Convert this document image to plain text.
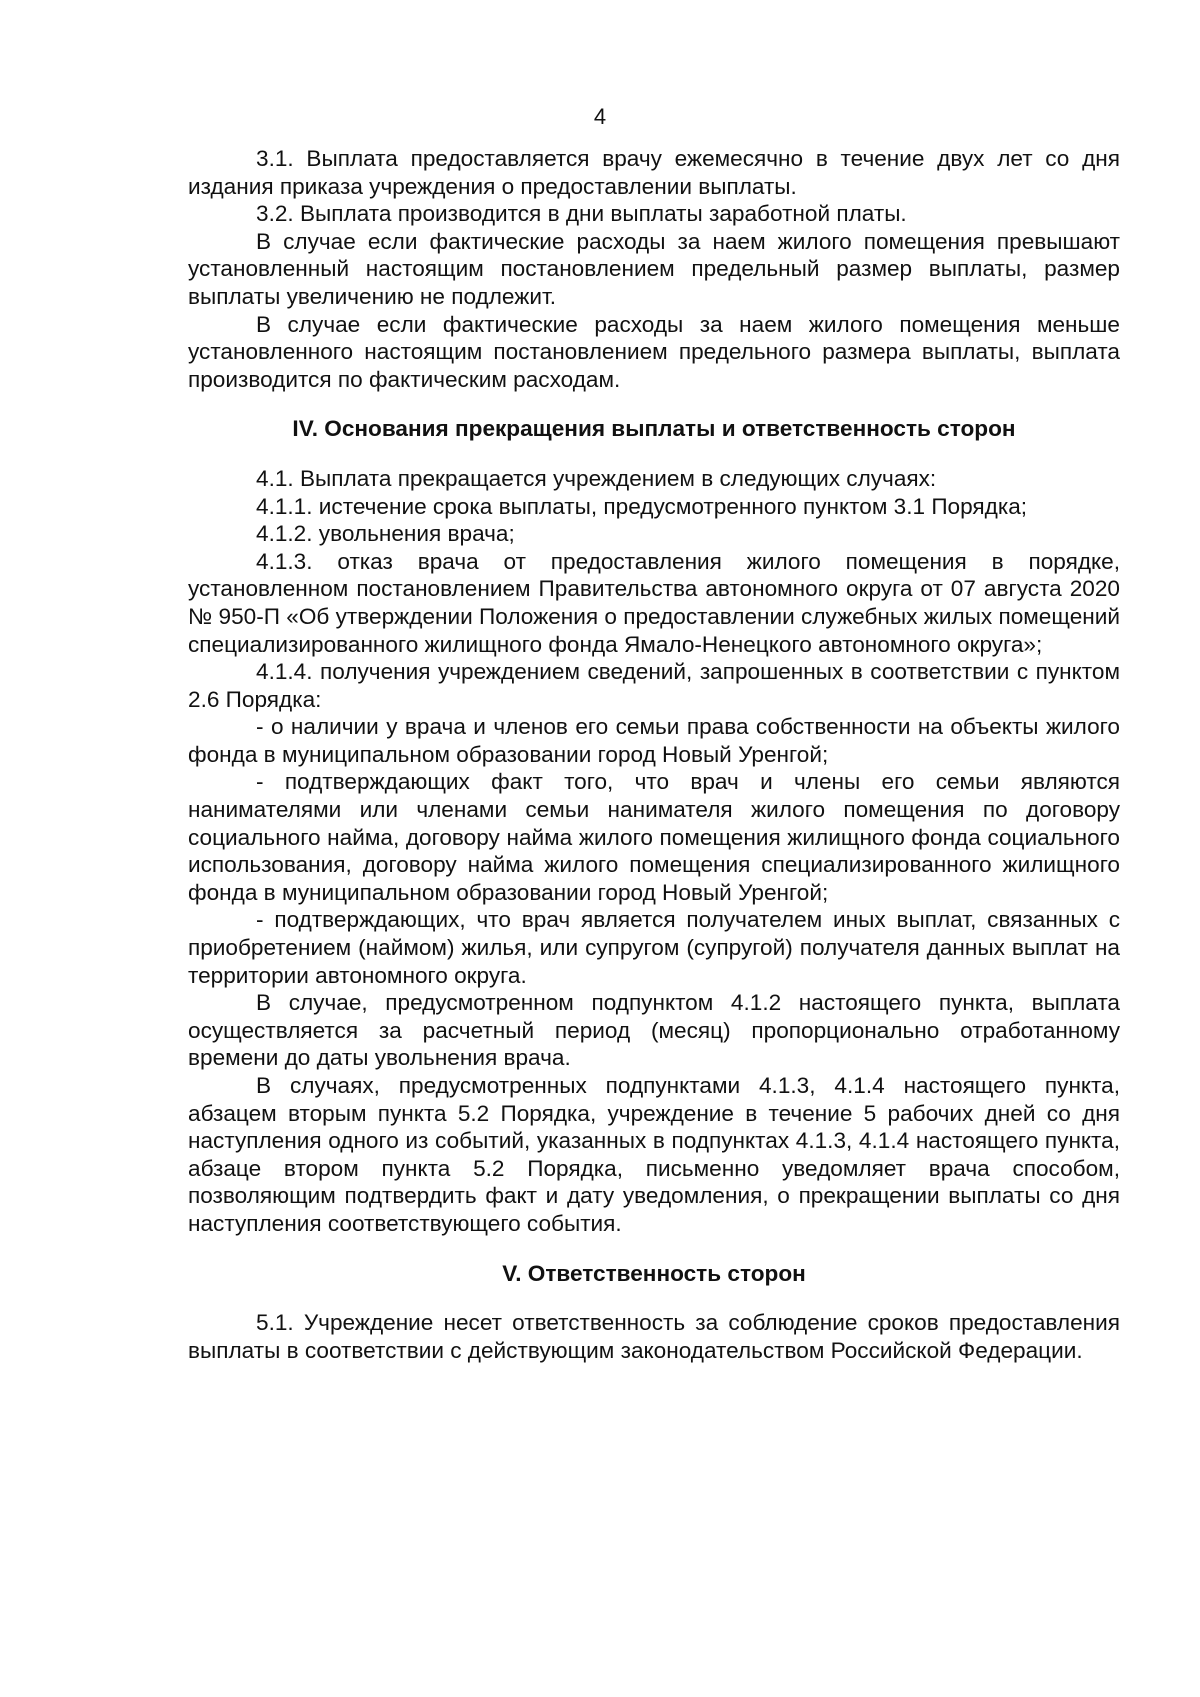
4

3.1. Выплата предоставляется врачу ежемесячно в течение двух лет со дня издания приказа учреждения о предоставлении выплаты.

3.2. Выплата производится в дни выплаты заработной платы.

В случае если фактические расходы за наем жилого помещения превышают установленный настоящим постановлением предельный размер выплаты, размер выплаты увеличению не подлежит.

В случае если фактические расходы за наем жилого помещения меньше установленного настоящим постановлением предельного размера выплаты, выплата производится по фактическим расходам.

IV. Основания прекращения выплаты и ответственность сторон

4.1. Выплата прекращается учреждением в следующих случаях:

4.1.1. истечение срока выплаты, предусмотренного пунктом 3.1 Порядка;

4.1.2. увольнения врача;

4.1.3. отказ врача от предоставления жилого помещения в порядке, установленном постановлением Правительства автономного округа от 07 августа 2020 № 950-П «Об утверждении Положения о предоставлении служебных жилых помещений специализированного жилищного фонда Ямало-Ненецкого автономного округа»;

4.1.4. получения учреждением сведений, запрошенных в соответствии с пунктом 2.6 Порядка:

- о наличии у врача и членов его семьи права собственности на объекты жилого фонда в муниципальном образовании город Новый Уренгой;

- подтверждающих факт того, что врач и члены его семьи являются нанимателями или членами семьи нанимателя жилого помещения по договору социального найма, договору найма жилого помещения жилищного фонда социального использования, договору найма жилого помещения специализированного жилищного фонда в муниципальном образовании город Новый Уренгой;

- подтверждающих, что врач является получателем иных выплат, связанных с приобретением (наймом) жилья, или супругом (супругой) получателя данных выплат на территории автономного округа.

В случае, предусмотренном подпунктом 4.1.2 настоящего пункта, выплата осуществляется за расчетный период (месяц) пропорционально отработанному времени до даты увольнения врача.

В случаях, предусмотренных подпунктами 4.1.3, 4.1.4 настоящего пункта, абзацем вторым пункта 5.2 Порядка, учреждение в течение 5 рабочих дней со дня наступления одного из событий, указанных в подпунктах 4.1.3, 4.1.4 настоящего пункта, абзаце втором пункта 5.2 Порядка, письменно уведомляет врача способом, позволяющим подтвердить факт и дату уведомления, о прекращении выплаты со дня наступления соответствующего события.

V. Ответственность сторон

5.1. Учреждение несет ответственность за соблюдение сроков предоставления выплаты в соответствии с действующим законодательством Российской Федерации.
